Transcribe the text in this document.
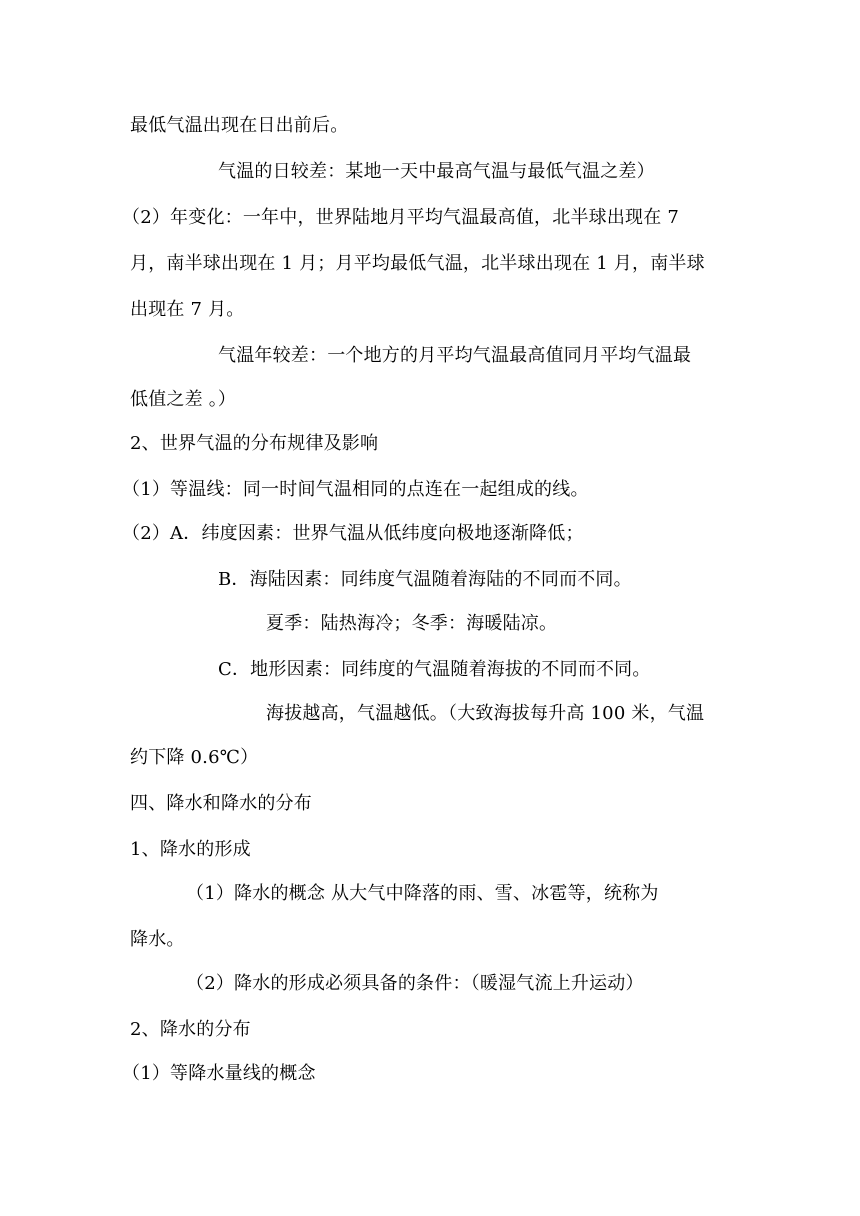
最低气温出现在日出前后。
气温的日较差：某地一天中最高气温与最低气温之差）
（2）年变化：一年中，世界陆地月平均气温最高值，北半球出现在 7
月，南半球出现在 1 月；月平均最低气温，北半球出现在 1 月，南半球
出现在 7 月。
气温年较差：一个地方的月平均气温最高值同月平均气温最
低值之差 。）
2、世界气温的分布规律及影响
（1）等温线：同一时间气温相同的点连在一起组成的线。
（2）A．纬度因素：世界气温从低纬度向极地逐渐降低；
B．海陆因素：同纬度气温随着海陆的不同而不同。
夏季：陆热海冷；冬季：海暖陆凉。
C．地形因素：同纬度的气温随着海拔的不同而不同。
海拔越高，气温越低。（大致海拔每升高 100 米，气温
约下降 0.6℃）
四、降水和降水的分布
1、降水的形成
（1）降水的概念 从大气中降落的雨、雪、冰雹等，统称为
降水。
（2）降水的形成必须具备的条件：（暖湿气流上升运动）
2、降水的分布
（1）等降水量线的概念
